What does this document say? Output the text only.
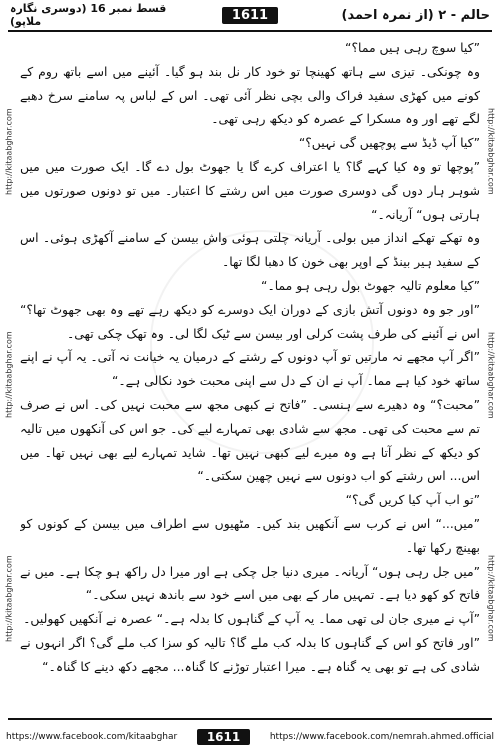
قسط نمبر 16 (دوسری نگارہ ملاپو)	1611	حالم - ٢ (از نمرہ احمد)
http://kitaabghar.com
http://kitaabghar.com
http://kitaabghar.com	http://kitaabghar.com
http://kitaabghar.com
http://kitaabghar.com

”کیا سوچ رہی ہیں مما؟“

وہ چونکی۔ تیزی سے ہاتھ کھینچا تو خود کار نل بند ہو گیا۔ آئینے میں اسے باتھ روم کے کونے میں کھڑی سفید فراک والی بچی نظر آئی تھی۔ اس کے لباس پہ سامنے سرخ دھبے لگے تھے اور وہ مسکرا کے عصرہ کو دیکھ رہی تھی۔

”کیا آپ ڈیڈ سے پوچھیں گی نہیں؟“

”پوچھا تو وہ کیا کہے گا؟ یا اعتراف کرے گا یا جھوٹ بول دے گا۔ ایک صورت میں میں شوہر ہار دوں گی دوسری صورت میں اس رشتے کا اعتبار۔ میں تو دونوں صورتوں میں ہارتی ہوں“ آریانہ۔“

وہ تھکے تھکے انداز میں بولی۔ آریانہ چلتی ہوئی واش بیسن کے سامنے آکھڑی ہوئی۔ اس کے سفید ہیر بینڈ کے اوپر بھی خون کا دھبا لگا تھا۔

”کیا معلوم تالیہ جھوٹ بول رہی ہو مما۔“

”اور جو وہ دونوں آتش بازی کے دوران ایک دوسرے کو دیکھ رہے تھے وہ بھی جھوٹ تھا؟“ اس نے آئینے کی طرف پشت کرلی اور بیسن سے ٹیک لگا لی۔ وہ تھک چکی تھی۔

”اگر آپ مجھے نہ مارتیں تو آپ دونوں کے رشتے کے درمیان یہ خیانت نہ آتی۔ یہ آپ نے اپنے ساتھ خود کیا ہے مما۔ آپ نے ان کے دل سے اپنی محبت خود نکالی ہے۔“

”محبت؟“ وہ دھیرے سے ہنسی۔ ”فاتح نے کبھی مجھ سے محبت نہیں کی۔ اس نے صرف تم سے محبت کی تھی۔ مجھ سے شادی بھی تمہارے لیے کی۔ جو اس کی آنکھوں میں تالیہ کو دیکھ کے نظر آتا ہے وہ میرے لیے کبھی نہیں تھا۔ شاید تمہارے لیے بھی نہیں تھا۔ میں اس... اس رشتے کو اب دونوں سے نہیں چھین سکتی۔“

”تو اب آپ کیا کریں گی؟“

”میں...“ اس نے کرب سے آنکھیں بند کیں۔ مٹھیوں سے اطراف میں بیسن کے کونوں کو بھینچ رکھا تھا۔

”میں جل رہی ہوں“ آریانہ۔ میری دنیا جل چکی ہے اور میرا دل راکھ ہو چکا ہے۔ میں نے فاتح کو کھو دیا ہے۔ تمہیں مار کے بھی میں اسے خود سے باندھ نہیں سکی۔“

”آپ نے میری جان لی تھی مما۔ یہ آپ کے گناہوں کا بدلہ ہے۔“ عصرہ نے آنکھیں کھولیں۔

”اور فاتح کو اس کے گناہوں کا بدلہ کب ملے گا؟ تالیہ کو سزا کب ملے گی؟ اگر انہوں نے شادی کی ہے تو بھی یہ گناہ ہے۔ میرا اعتبار توڑنے کا گناہ... مجھے دکھ دینے کا گناہ۔“

https://www.facebook.com/kitaabghar	1611	https://www.facebook.com/nemrah.ahmed.official
